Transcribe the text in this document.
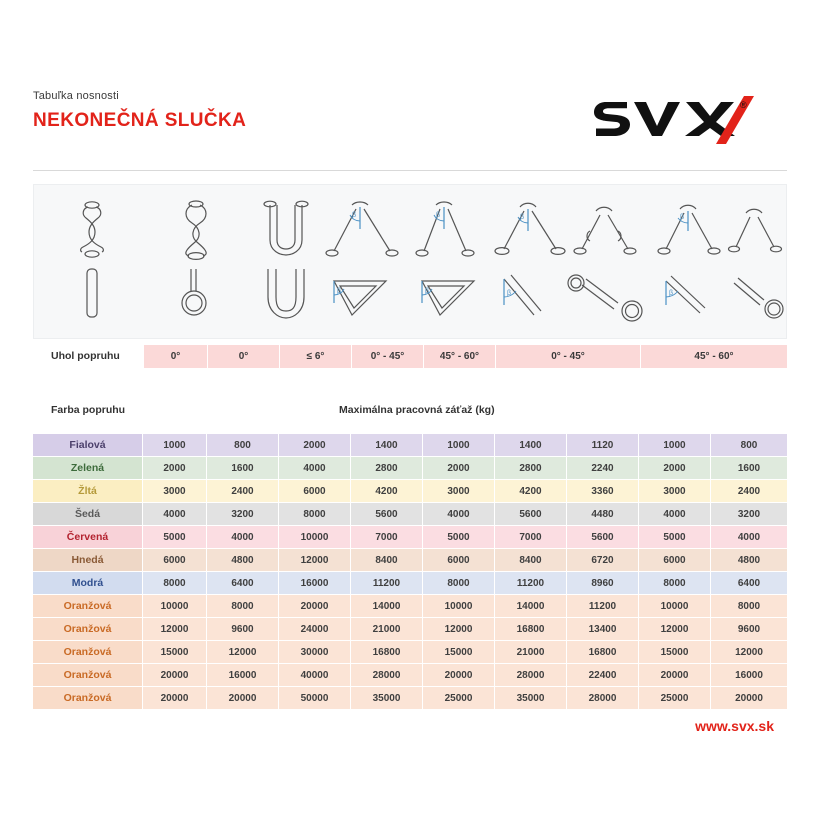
Tabuľka nosnosti
NEKONEČNÁ SLUČKA
®
β	β	β	β
β	β	β	β
Uhol popruhu	0°	0°	≤ 6°	0° - 45°	45° - 60°	0° - 45°	45° - 60°
Farba popruhu	Maximálna pracovná záťaž (kg)
Fialová	1000	800	2000	1400	1000	1400	1120	1000	800
Zelená	2000	1600	4000	2800	2000	2800	2240	2000	1600
Žltá	3000	2400	6000	4200	3000	4200	3360	3000	2400
Šedá	4000	3200	8000	5600	4000	5600	4480	4000	3200
Červená	5000	4000	10000	7000	5000	7000	5600	5000	4000
Hnedá	6000	4800	12000	8400	6000	8400	6720	6000	4800
Modrá	8000	6400	16000	11200	8000	11200	8960	8000	6400
Oranžová	10000	8000	20000	14000	10000	14000	11200	10000	8000
Oranžová	12000	9600	24000	21000	12000	16800	13400	12000	9600
Oranžová	15000	12000	30000	16800	15000	21000	16800	15000	12000
Oranžová	20000	16000	40000	28000	20000	28000	22400	20000	16000
Oranžová	20000	20000	50000	35000	25000	35000	28000	25000	20000
www.svx.sk
